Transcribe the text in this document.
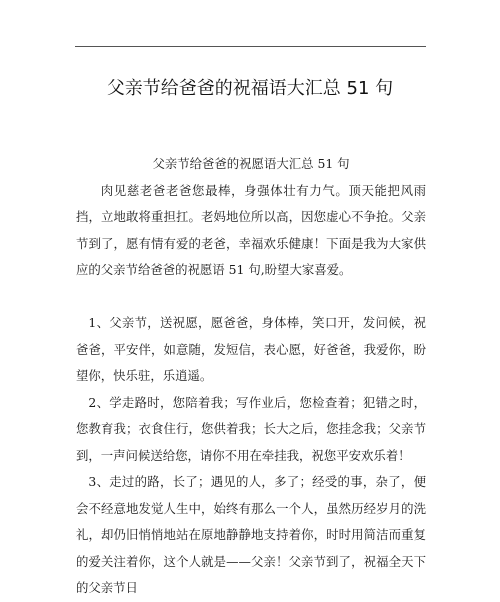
父亲节给爸爸的祝福语大汇总 51 句
父亲节给爸爸的祝愿语大汇总 51 句

肉见慈老爸老爸您最棒，身强体壮有力气。顶天能把风雨挡，立地敢将重担扛。老妈地位所以高，因您虚心不争抢。父亲节到了，愿有情有爱的老爸，幸福欢乐健康！下面是我为大家供应的父亲节给爸爸的祝愿语 51 句,盼望大家喜爱。

1、父亲节，送祝愿，愿爸爸，身体棒，笑口开，发问候，祝爸爸，平安伴，如意随，发短信，表心愿，好爸爸，我爱你，盼望你，快乐驻，乐逍遥。

2、学走路时，您陪着我；写作业后，您检查着；犯错之时，您教育我；衣食住行，您供着我；长大之后，您挂念我；父亲节到，一声问候送给您，请你不用在牵挂我，祝您平安欢乐着！

3、走过的路，长了；遇见的人，多了；经受的事，杂了，便会不经意地发觉人生中，始终有那么一个人，虽然历经岁月的洗礼，却仍旧悄悄地站在原地静静地支持着你，时时用简洁而重复的爱关注着你，这个人就是——父亲！父亲节到了，祝福全天下的父亲节日
